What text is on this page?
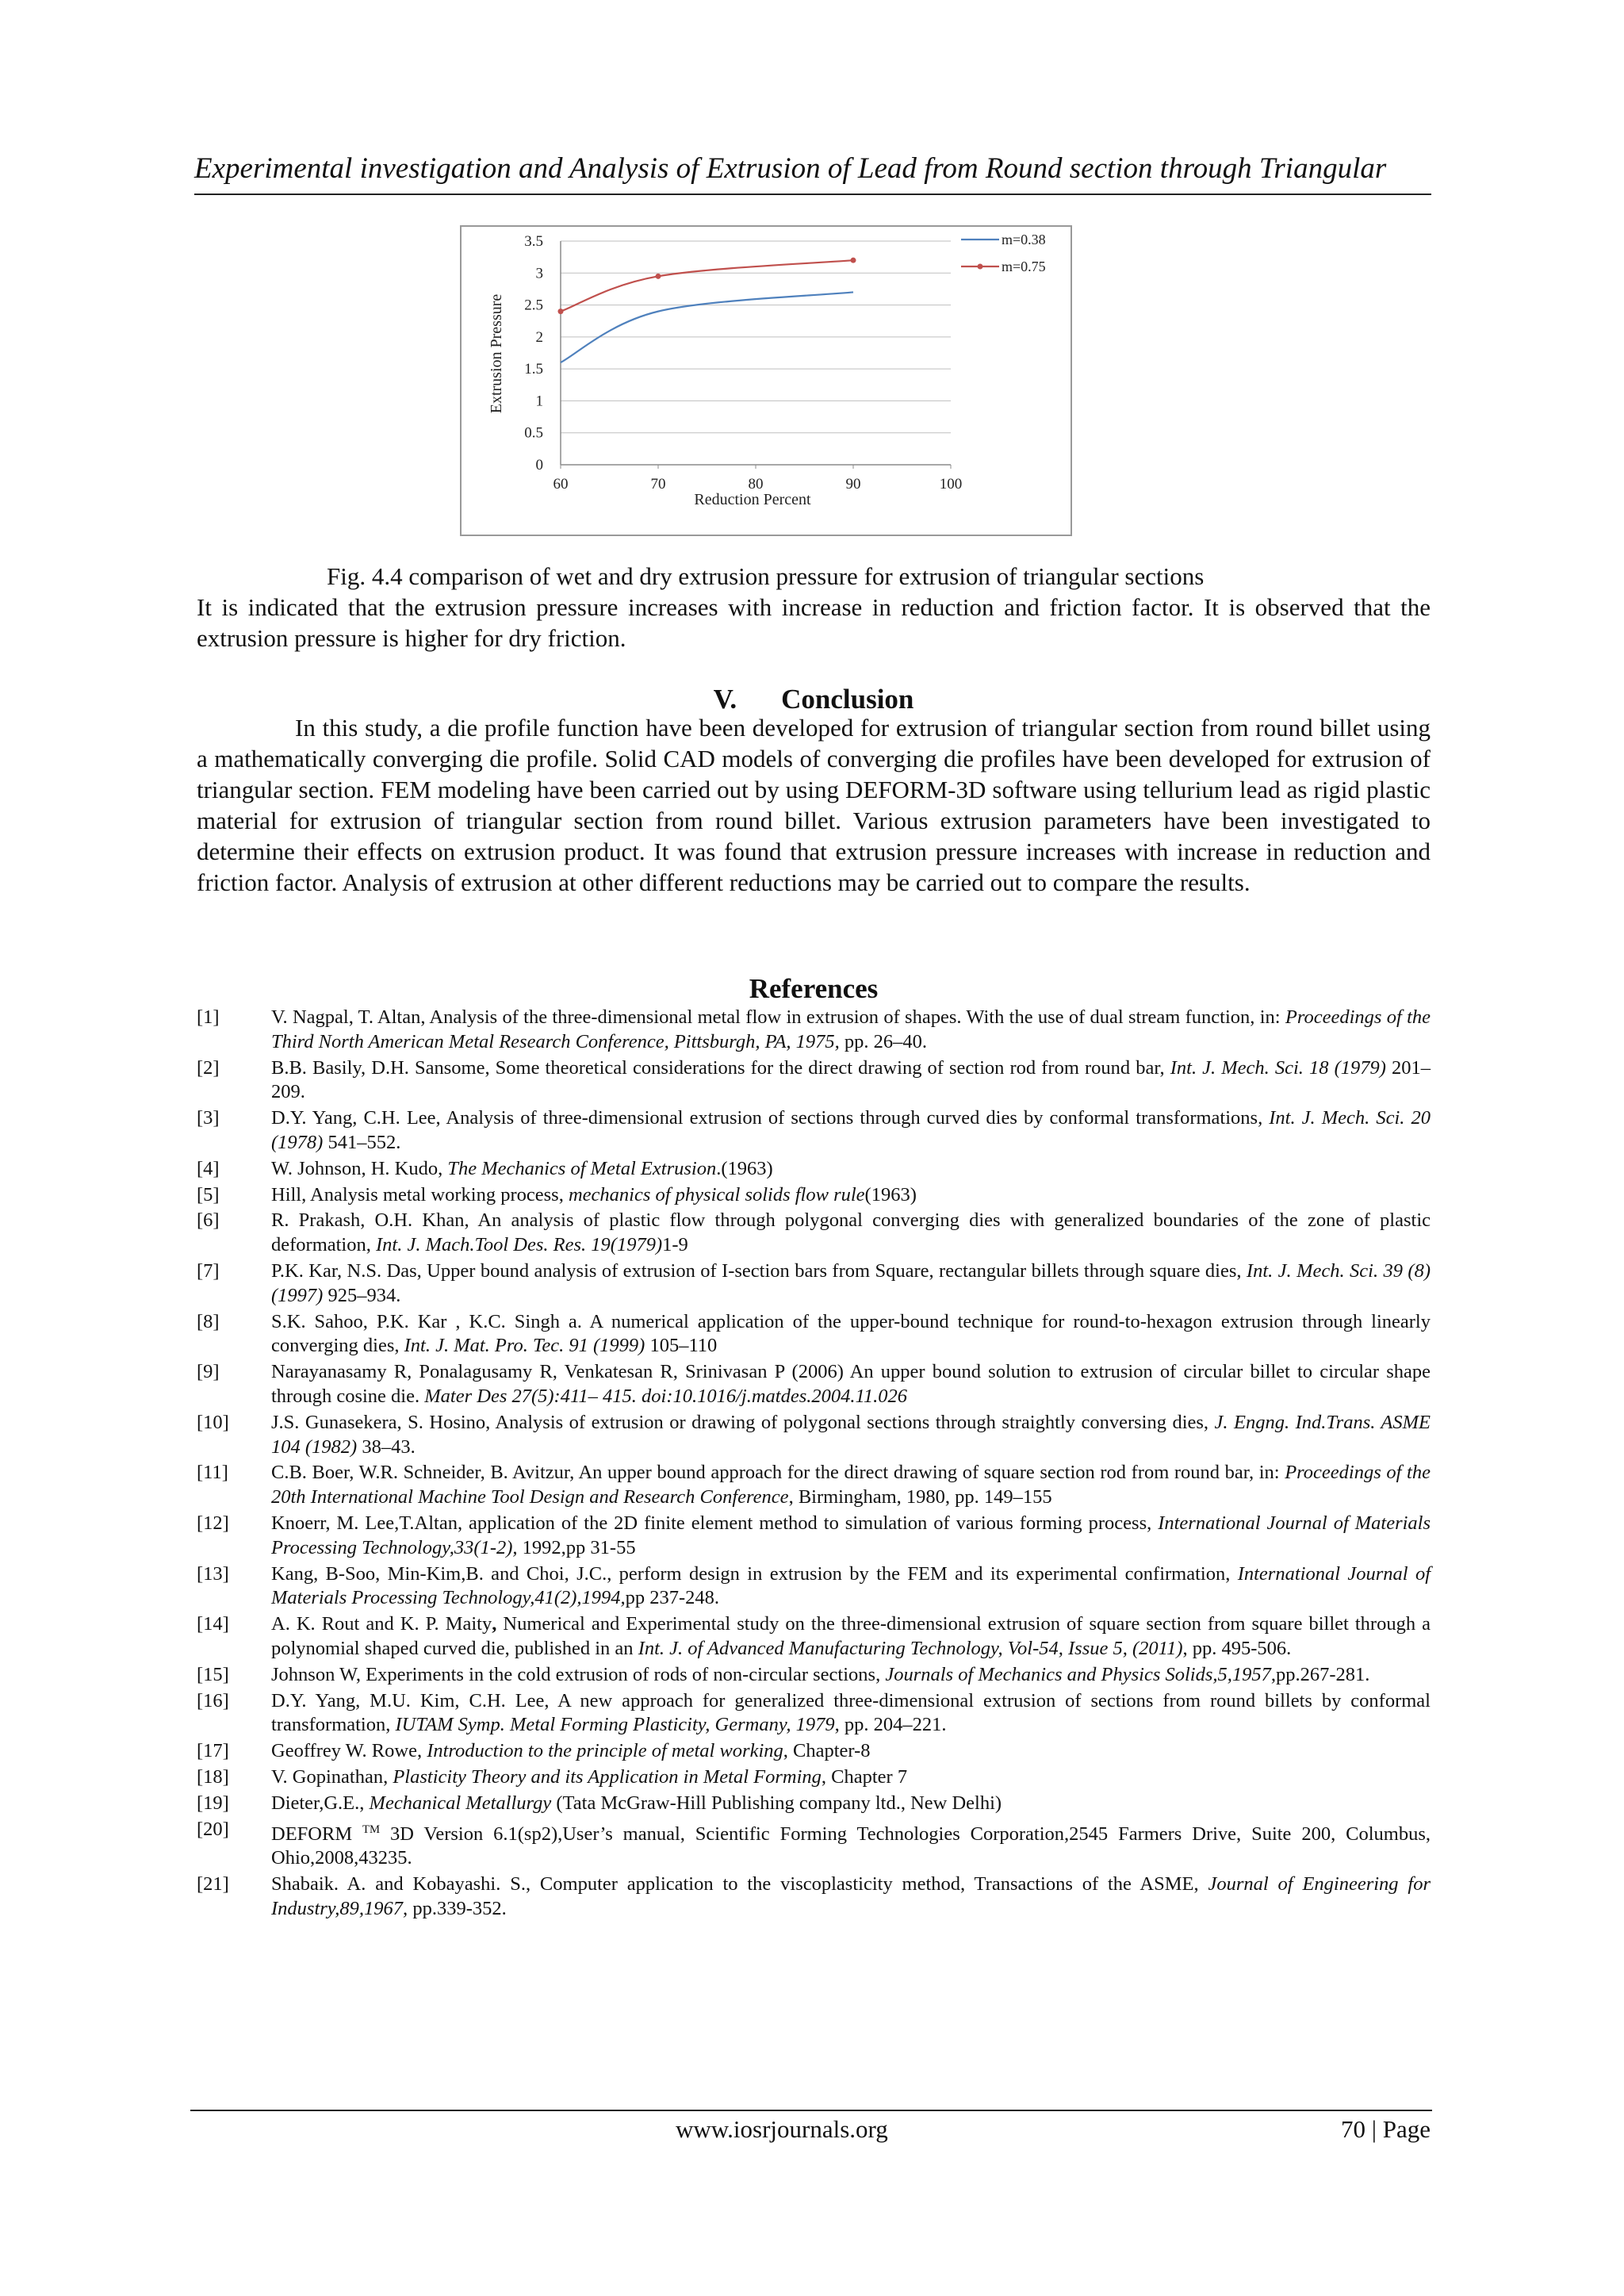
Experimental investigation and Analysis of Extrusion of Lead from Round section through Triangular
0
0.5
1
1.5
2
2.5
3
3.5
60	70	80	90	100
m=0.38
m=0.75
Extrusion Pressure
Reduction Percent
Fig. 4.4 comparison of wet and dry extrusion pressure for extrusion of triangular sections

It is indicated that the extrusion pressure increases with increase in reduction and friction factor. It is observed that the extrusion pressure is higher for dry friction.

V. Conclusion

In this study, a die profile function have been developed for extrusion of triangular section from round billet using a mathematically converging die profile. Solid CAD models of converging die profiles have been developed for extrusion of triangular section. FEM modeling have been carried out by using DEFORM-3D software using tellurium lead as rigid plastic material for extrusion of triangular section from round billet. Various extrusion parameters have been investigated to determine their effects on extrusion product. It was found that extrusion pressure increases with increase in reduction and friction factor. Analysis of extrusion at other different reductions may be carried out to compare the results.

References
[1]	V. Nagpal, T. Altan, Analysis of the three-dimensional metal flow in extrusion of shapes. With the use of dual stream function, in: Proceedings of the Third North American Metal Research Conference, Pittsburgh, PA, 1975, pp. 26–40.
[2]	B.B. Basily, D.H. Sansome, Some theoretical considerations for the direct drawing of section rod from round bar, Int. J. Mech. Sci. 18 (1979) 201–209.
[3]	D.Y. Yang, C.H. Lee, Analysis of three-dimensional extrusion of sections through curved dies by conformal transformations, Int. J. Mech. Sci. 20 (1978) 541–552.
[4]	W. Johnson, H. Kudo, The Mechanics of Metal Extrusion.(1963)
[5]	Hill, Analysis metal working process, mechanics of physical solids flow rule(1963)
[6]	R. Prakash, O.H. Khan, An analysis of plastic flow through polygonal converging dies with generalized boundaries of the zone of plastic deformation, Int. J. Mach.Tool Des. Res. 19(1979)1-9
[7]	P.K. Kar, N.S. Das, Upper bound analysis of extrusion of I-section bars from Square, rectangular billets through square dies, Int. J. Mech. Sci. 39 (8) (1997) 925–934.
[8]	S.K. Sahoo, P.K. Kar , K.C. Singh a. A numerical application of the upper-bound technique for round-to-hexagon extrusion through linearly converging dies, Int. J. Mat. Pro. Tec. 91 (1999) 105–110
[9]	Narayanasamy R, Ponalagusamy R, Venkatesan R, Srinivasan P (2006) An upper bound solution to extrusion of circular billet to circular shape through cosine die. Mater Des 27(5):411– 415. doi:10.1016/j.matdes.2004.11.026
[10] J.S. Gunasekera, S. Hosino, Analysis of extrusion or drawing of polygonal sections through straightly conversing dies, J. Engng. Ind.Trans. ASME 104 (1982) 38–43.
[11] C.B. Boer, W.R. Schneider, B. Avitzur, An upper bound approach for the direct drawing of square section rod from round bar, in: Proceedings of the 20th International Machine Tool Design and Research Conference, Birmingham, 1980, pp. 149–155
[12] Knoerr, M. Lee,T.Altan, application of the 2D finite element method to simulation of various forming process, International Journal of Materials Processing Technology,33(1-2), 1992,pp 31-55
[13] Kang, B-Soo, Min-Kim,B. and Choi, J.C., perform design in extrusion by the FEM and its experimental confirmation, International Journal of Materials Processing Technology,41(2),1994,pp 237-248.
[14] A. K. Rout and K. P. Maity, Numerical and Experimental study on the three-dimensional extrusion of square section from square billet through a polynomial shaped curved die, published in an Int. J. of Advanced Manufacturing Technology, Vol-54, Issue 5, (2011), pp. 495-506.
[15] Johnson W, Experiments in the cold extrusion of rods of non-circular sections, Journals of Mechanics and Physics Solids,5,1957,pp.267-281.
[16] D.Y. Yang, M.U. Kim, C.H. Lee, A new approach for generalized three-dimensional extrusion of sections from round billets by conformal transformation, IUTAM Symp. Metal Forming Plasticity, Germany, 1979, pp. 204–221.
[17] Geoffrey W. Rowe, Introduction to the principle of metal working, Chapter-8
[18] V. Gopinathan, Plasticity Theory and its Application in Metal Forming, Chapter 7
[19] Dieter,G.E., Mechanical Metallurgy (Tata McGraw-Hill Publishing company ltd., New Delhi)
[20] DEFORM ™ 3D Version 6.1(sp2),User’s manual, Scientific Forming Technologies Corporation,2545 Farmers Drive, Suite 200, Columbus, Ohio,2008,43235.
[21] Shabaik. A. and Kobayashi. S., Computer application to the viscoplasticity method, Transactions of the ASME, Journal of Engineering for Industry,89,1967, pp.339-352.
www.iosrjournals.org	70 | Page
